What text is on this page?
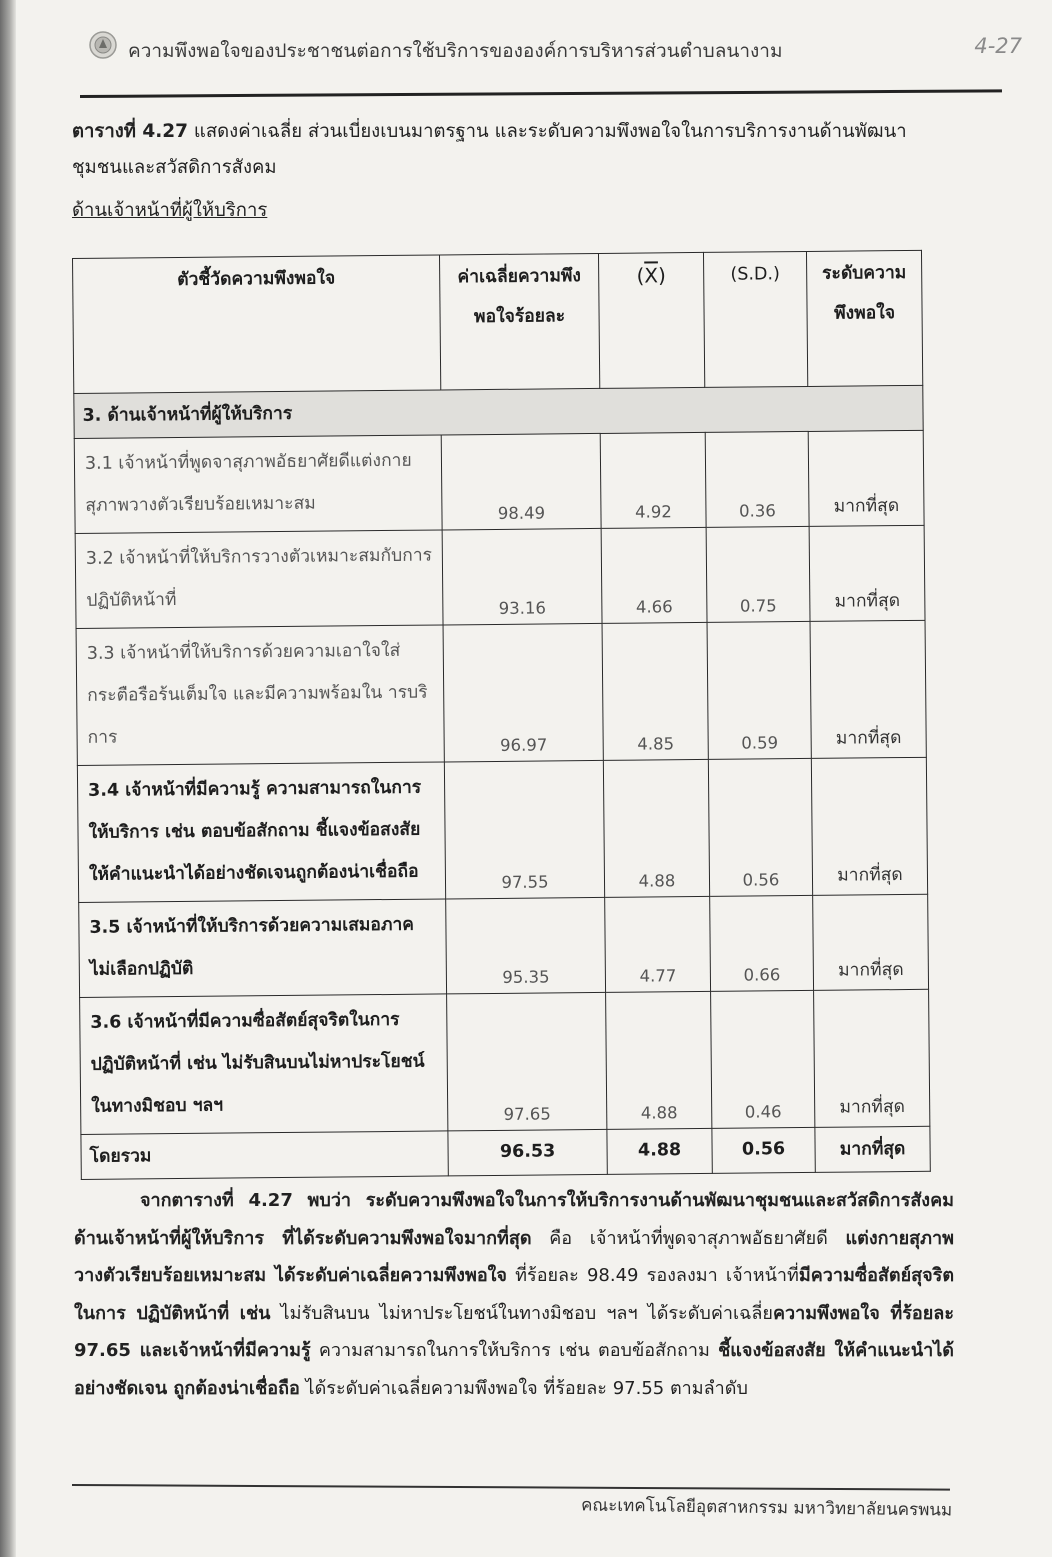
ความพึงพอใจของประชาชนต่อการใช้บริการขององค์การบริหารส่วนตำบลนางาม	4-27
ตารางที่ 4.27 แสดงค่าเฉลี่ย ส่วนเบี่ยงเบนมาตรฐาน และระดับความพึงพอใจในการบริการงานด้านพัฒนาชุมชนและสวัสดิการสังคม
ด้านเจ้าหน้าที่ผู้ให้บริการ
ตัวชี้วัดความพึงพอใจ	ค่าเฉลี่ยความพึงพอใจร้อยละ	$(\overline{X})$	(S.D.)	ระดับความพึงพอใจ
3. ด้านเจ้าหน้าที่ผู้ให้บริการ				
3.1 เจ้าหน้าที่พูดจาสุภาพอัธยาศัยดีแต่งกายสุภาพวางตัวเรียบร้อยเหมาะสม	98.49	4.92	0.36	มากที่สุด
3.2 เจ้าหน้าที่ให้บริการวางตัวเหมาะสมกับการปฏิบัติหน้าที่	93.16	4.66	0.75	มากที่สุด
3.3 เจ้าหน้าที่ให้บริการด้วยความเอาใจใส่กระตือรือร้นเต็มใจ และมีความพร้อมใน ารบริการ	96.97	4.85	0.59	มากที่สุด
3.4 เจ้าหน้าที่มีความรู้ ความสามารถในการ ให้บริการ เช่น ตอบข้อสักถาม ชี้แจงข้อสงสัย ให้คำแนะนำได้อย่างชัดเจนถูกต้องน่าเชื่อถือ	97.55	4.88	0.56	มากที่สุด
3.5 เจ้าหน้าที่ให้บริการด้วยความเสมอภาค ไม่เลือกปฏิบัติ	95.35	4.77	0.66	มากที่สุด
3.6 เจ้าหน้าที่มีความซื่อสัตย์สุจริตในการปฏิบัติหน้าที่ เช่น ไม่รับสินบนไม่หาประโยชน์ในทางมิชอบ ฯลฯ	97.65	4.88	0.46	มากที่สุด
โดยรวม	96.53	4.88	0.56	มากที่สุด
จากตารางที่ 4.27 พบว่า ระดับความพึงพอใจในการให้บริการงานด้านพัฒนาชุมชนและสวัสดิการสังคม ด้านเจ้าหน้าที่ผู้ให้บริการ ที่ได้ระดับความพึงพอใจมากที่สุด คือ เจ้าหน้าที่พูดจาสุภาพอัธยาศัยดี แต่งกายสุภาพ วางตัวเรียบร้อยเหมาะสม ได้ระดับค่าเฉลี่ยความพึงพอใจ ที่ร้อยละ 98.49 รองลงมา เจ้าหน้าที่มีความซื่อสัตย์สุจริตในการ ปฏิบัติหน้าที่ เช่น ไม่รับสินบน ไม่หาประโยชน์ในทางมิชอบ ฯลฯ ได้ระดับค่าเฉลี่ยความพึงพอใจ ที่ร้อยละ 97.65 และเจ้าหน้าที่มีความรู้ ความสามารถในการให้บริการ เช่น ตอบข้อสักถาม ชี้แจงข้อสงสัย ให้คำแนะนำได้อย่างชัดเจน ถูกต้องน่าเชื่อถือ ได้ระดับค่าเฉลี่ยความพึงพอใจ ที่ร้อยละ 97.55 ตามลำดับ
คณะเทคโนโลยีอุตสาหกรรม มหาวิทยาลัยนครพนม
